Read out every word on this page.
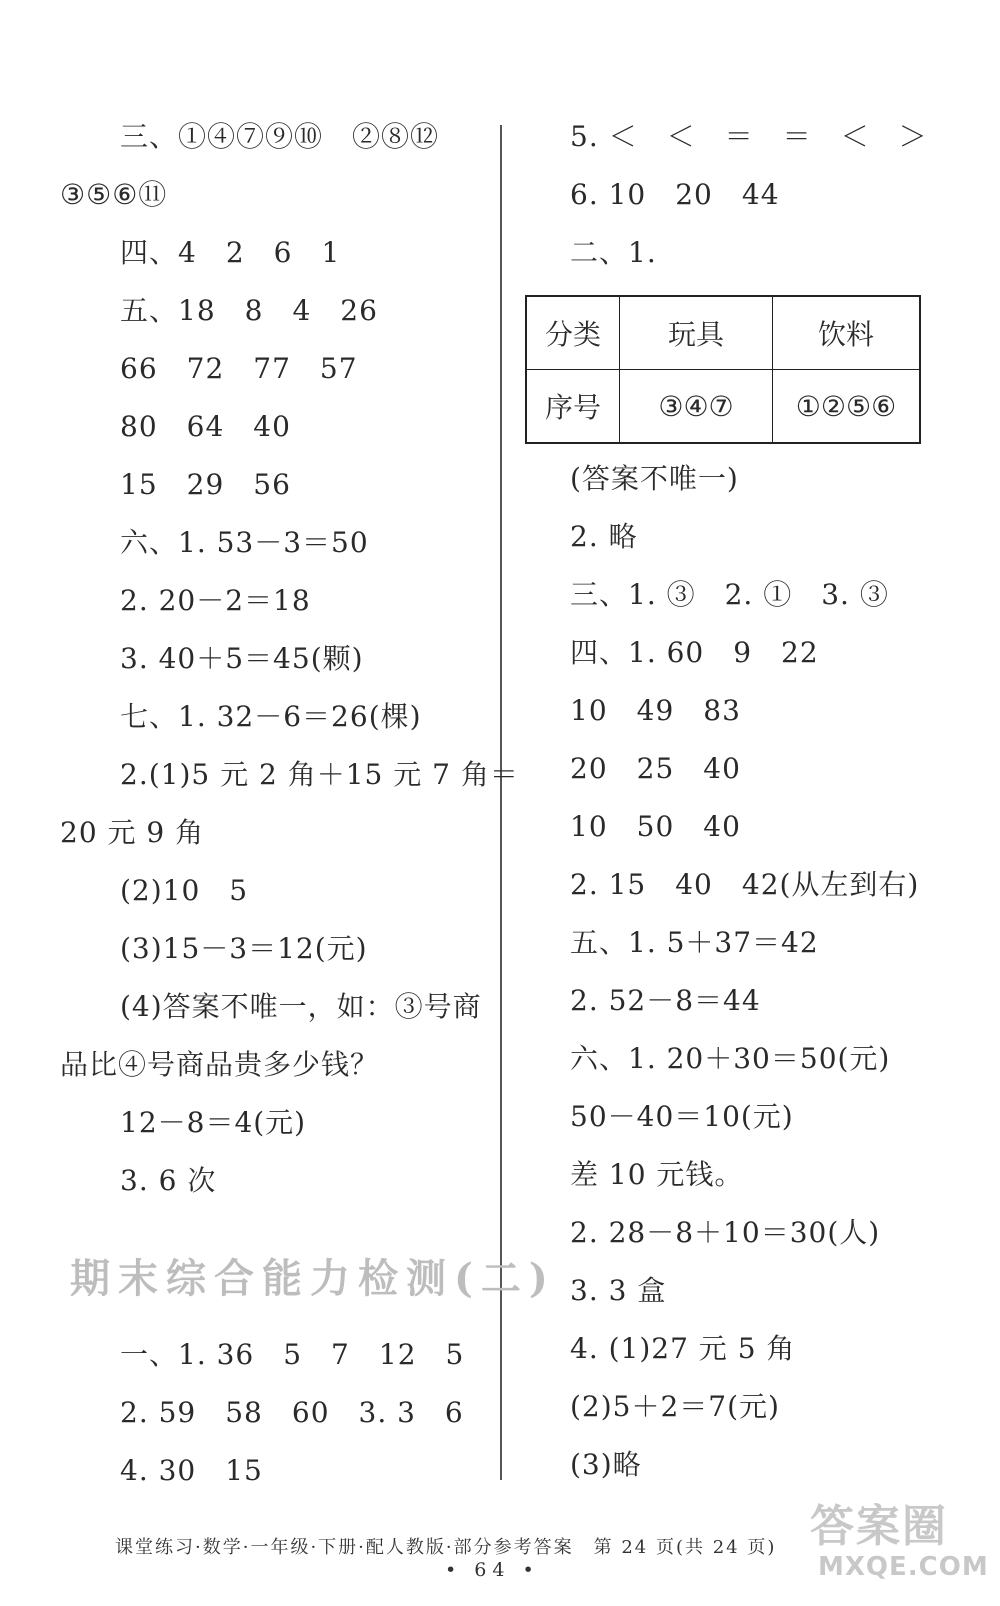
三、①④⑦⑨⑩　②⑧⑫
③⑤⑥⑪
四、4　2　6　1
五、18　8　4　26
66　72　77　57
80　64　40
15　29　56
六、1. 53－3＝50
2. 20－2＝18
3. 40＋5＝45(颗)
七、1. 32－6＝26(棵)
2.(1)5 元 2 角＋15 元 7 角＝
20 元 9 角
(2)10　5
(3)15－3＝12(元)
(4)答案不唯一，如：③号商
品比④号商品贵多少钱？
12－8＝4(元)
3. 6 次
期末综合能力检测(二)
一、1. 36　5　7　12　5
2. 59　58　60　3. 3　6
4. 30　15
5. ＜　＜　＝　＝　＜　＞
6. 10　20　44
二、1.
分类	玩具	饮料
序号	③④⑦	①②⑤⑥
(答案不唯一)
2. 略
三、1. ③　2. ①　3. ③
四、1. 60　9　22
10　49　83
20　25　40
10　50　40
2. 15　40　42(从左到右)
五、1. 5＋37＝42
2. 52－8＝44
六、1. 20＋30＝50(元)
50－40＝10(元)
差 10 元钱。
2. 28－8＋10＝30(人)
3. 3 盒
4. (1)27 元 5 角
(2)5＋2＝7(元)
(3)略
课堂练习·数学·一年级·下册·配人教版·部分参考答案　第 24 页(共 24 页)
• 64 •
答案圈
MXQE.COM
